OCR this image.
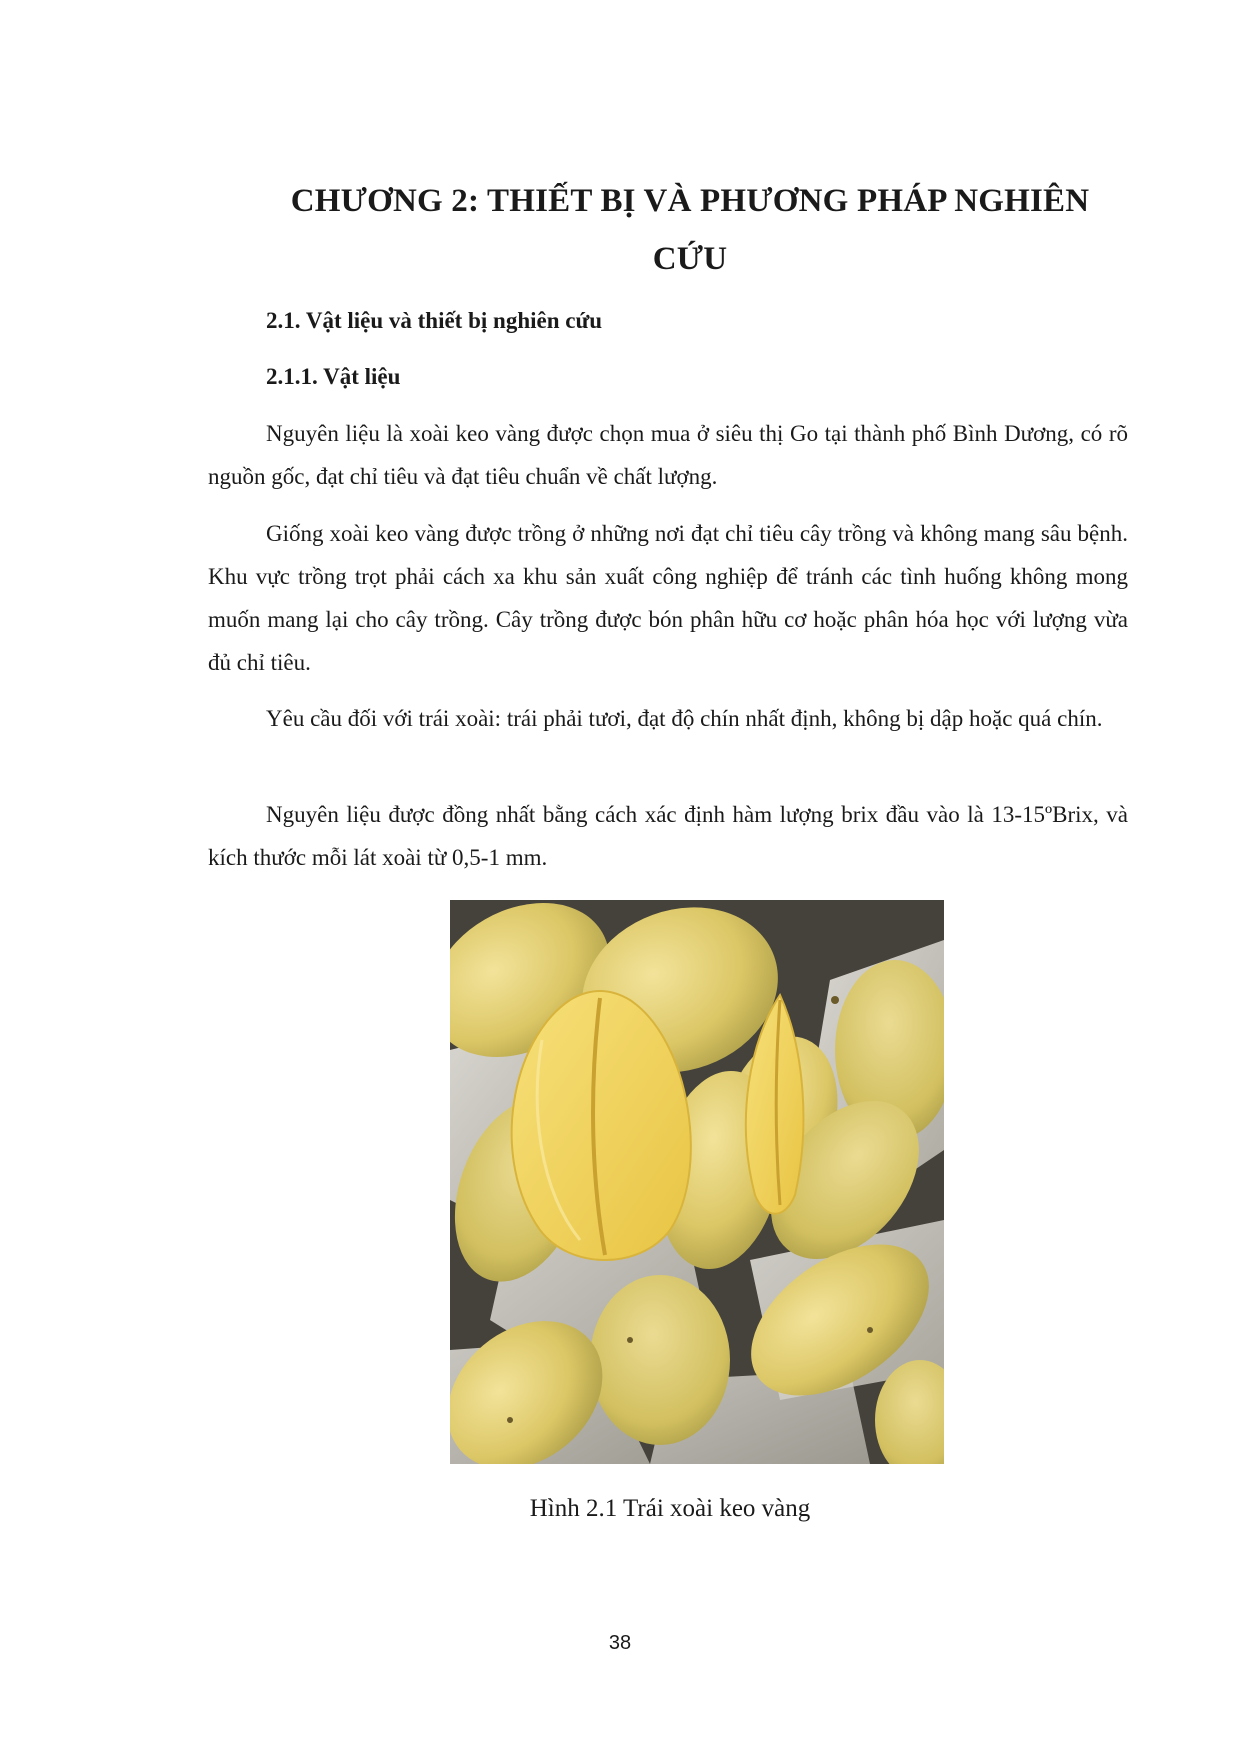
CHƯƠNG 2: THIẾT BỊ VÀ PHƯƠNG PHÁP NGHIÊN
CỨU
2.1. Vật liệu và thiết bị nghiên cứu
2.1.1. Vật liệu

Nguyên liệu là xoài keo vàng được chọn mua ở siêu thị Go tại thành phố Bình Dương, có rõ nguồn gốc, đạt chỉ tiêu và đạt tiêu chuẩn về chất lượng.

Giống xoài keo vàng được trồng ở những nơi đạt chỉ tiêu cây trồng và không mang sâu bệnh. Khu vực trồng trọt phải cách xa khu sản xuất công nghiệp để tránh các tình huống không mong muốn mang lại cho cây trồng. Cây trồng được bón phân hữu cơ hoặc phân hóa học với lượng vừa đủ chỉ tiêu.

Yêu cầu đối với trái xoài: trái phải tươi, đạt độ chín nhất định, không bị dập hoặc quá chín.

Nguyên liệu được đồng nhất bằng cách xác định hàm lượng brix đầu vào là 13-15ºBrix, và kích thước mỗi lát xoài từ 0,5-1 mm.

Hình 2.1 Trái xoài keo vàng

38
